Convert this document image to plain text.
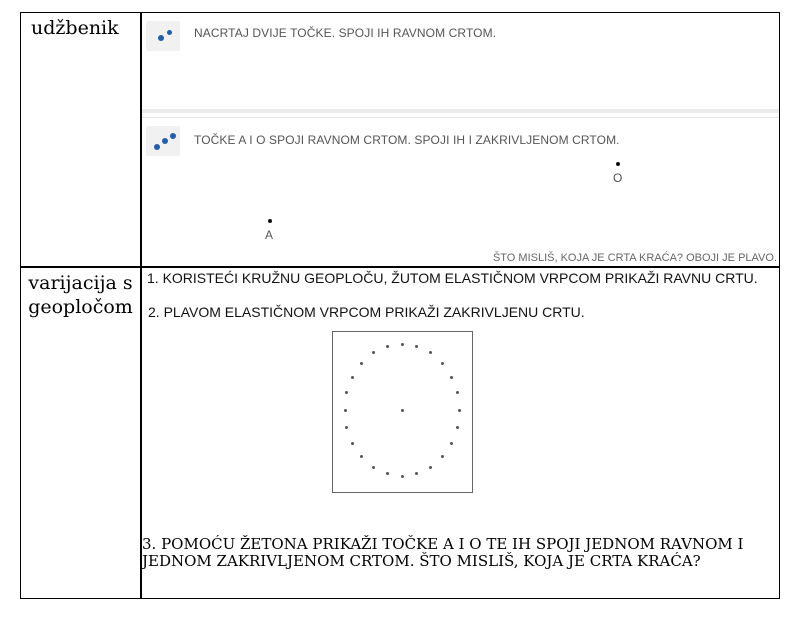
udžbenik	NACRTAJ DVIJE TOČKE. SPOJI IH RAVNOM CRTOM.
TOČKE A I O SPOJI RAVNOM CRTOM. SPOJI IH I ZAKRIVLJENOM CRTOM.
O
A
ŠTO MISLIŠ, KOJA JE CRTA KRAĆA? OBOJI JE PLAVO.
varijacija s geopločom
1. KORISTEĆI KRUŽNU GEOPLOČU, ŽUTOM ELASTIČNOM VRPCOM PRIKAŽI RAVNU CRTU.
2. PLAVOM ELASTIČNOM VRPCOM PRIKAŽI ZAKRIVLJENU CRTU.
3. POMOĆU ŽETONA PRIKAŽI TOČKE A I O TE IH SPOJI JEDNOM RAVNOM I JEDNOM ZAKRIVLJENOM CRTOM. ŠTO MISLIŠ, KOJA JE CRTA KRAĆA?
